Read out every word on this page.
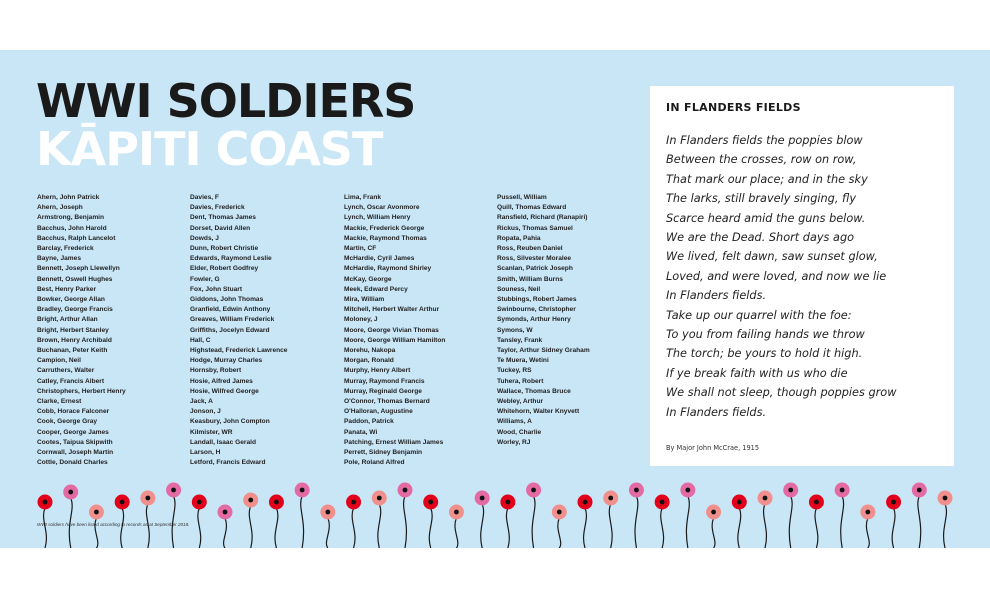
WWI SOLDIERS
KĀPITI COAST
Ahern, John Patrick
Ahern, Joseph
Armstrong, Benjamin
Bacchus, John Harold
Bacchus, Ralph Lancelot
Barclay, Frederick
Bayne, James
Bennett, Joseph Llewellyn
Bennett, Oswell Hughes
Best, Henry Parker
Bowker, George Allan
Bradley, George Francis
Bright, Arthur Allan
Bright, Herbert Stanley
Brown, Henry Archibald
Buchanan, Peter Keith
Campion, Neil
Carruthers, Walter
Catley, Francis Albert
Christophers, Herbert Henry
Clarke, Ernest
Cobb, Horace Falconer
Cook, George Gray
Cooper, George James
Cootes, Taipua Skipwith
Cornwall, Joseph Martin
Cottle, Donald Charles
Davies, F
Davies, Frederick
Dent, Thomas James
Dorset, David Allen
Dowds, J
Dunn, Robert Christie
Edwards, Raymond Leslie
Elder, Robert Godfrey
Fowler, G
Fox, John Stuart
Giddons, John Thomas
Granfield, Edwin Anthony
Greaves, William Frederick
Griffiths, Jocelyn Edward
Hall, C
Highstead, Frederick Lawrence
Hodge, Murray Charles
Hornsby, Robert
Hosie, Alfred James
Hosie, Wilfred George
Jack, A
Jonson, J
Keasbury, John Compton
Kilmister, WR
Landall, Isaac Gerald
Larson, H
Letford, Francis Edward
Lima, Frank
Lynch, Oscar Avonmore
Lynch, William Henry
Mackie, Frederick George
Mackie, Raymond Thomas
Martin, CF
McHardie, Cyril James
McHardie, Raymond Shirley
McKay, George
Meek, Edward Percy
Mira, William
Mitchell, Herbert Walter Arthur
Moloney, J
Moore, George Vivian Thomas
Moore, George William Hamilton
Morehu, Nakopa
Morgan, Ronald
Murphy, Henry Albert
Murray, Raymond Francis
Murray, Reginald George
O'Connor, Thomas Bernard
O'Halloran, Augustine
Paddon, Patrick
Panata, Wi
Patching, Ernest William James
Perrett, Sidney Benjamin
Pole, Roland Alfred
Pussell, William
Quill, Thomas Edward
Ransfield, Richard (Ranapiri)
Rickus, Thomas Samuel
Ropata, Pahia
Ross, Reuben Daniel
Ross, Silvester Moralee
Scanlan, Patrick Joseph
Smith, William Burns
Souness, Neil
Stubbings, Robert James
Swinbourne, Christopher
Symonds, Arthur Henry
Symons, W
Tansley, Frank
Taylor, Arthur Sidney Graham
Te Muera, Wetini
Tuckey, RS
Tuhera, Robert
Wallace, Thomas Bruce
Webley, Arthur
Whitehorn, Walter Knyvett
Williams, A
Wood, Charlie
Worley, RJ

WWI soldiers have been listed according to records as at September 2018.

IN FLANDERS FIELDS
In Flanders fields the poppies blow
Between the crosses, row on row,
That mark our place; and in the sky
The larks, still bravely singing, fly
Scarce heard amid the guns below.
We are the Dead. Short days ago
We lived, felt dawn, saw sunset glow,
Loved, and were loved, and now we lie
In Flanders fields.
Take up our quarrel with the foe:
To you from failing hands we throw
The torch; be yours to hold it high.
If ye break faith with us who die
We shall not sleep, though poppies grow
In Flanders fields.

By Major John McCrae, 1915
